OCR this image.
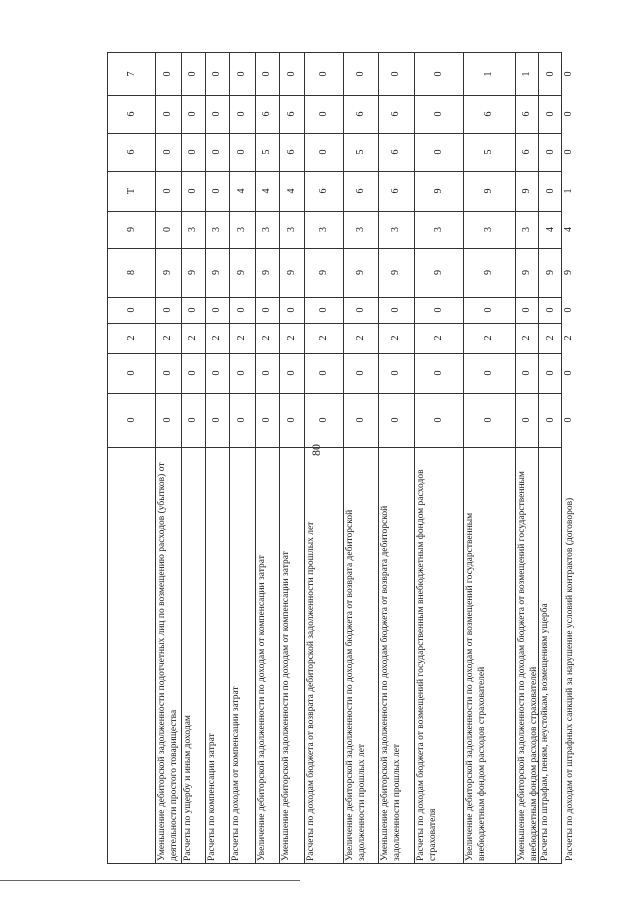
80
0
0
2
0
8
9
Т
6
6
7
Уменьшение дебиторской задолженности подотчетных лиц по возмещению расходов (убытков) от деятельности простого товарищества
0
0
2
0
9
0
0
0
0
0
Расчеты по ущербу и иным доходам
0
0
2
0
9
3
0
0
0
0
Расчеты по компенсации затрат
0
0
2
0
9
3
0
0
0
0
Расчеты по доходам от компенсации затрат
0
0
2
0
9
3
4
0
0
0
Увеличение дебиторской задолженности по доходам от компенсации затрат
0
0
2
0
9
3
4
5
6
0
Уменьшение дебиторской задолженности по доходам от компенсации затрат
0
0
2
0
9
3
4
6
6
0
Расчеты по доходам бюджета от возврата дебиторской задолженности прошлых лет
0
0
2
0
9
3
6
0
0
0
Увеличение дебиторской задолженности по доходам бюджета от возврата дебиторской задолженности прошлых лет
0
0
2
0
9
3
6
5
6
0
Уменьшение дебиторской задолженности по доходам бюджета от возврата дебиторской задолженности прошлых лет
0
0
2
0
9
3
6
6
6
0
Расчеты по доходам бюджета от возмещений государственным внебюджетным фондом расходов страхователя
0
0
2
0
9
3
9
0
0
0
Увеличение дебиторской задолженности по доходам от возмещений государственным внебюджетным фондом расходов страхователей
0
0
2
0
9
3
9
5
6
1
Уменьшение дебиторской задолженности по доходам бюджета от возмещений государственным внебюджетным фондом расходов страхователей
0
0
2
0
9
3
9
6
6
1
Расчеты по штрафам, пеням, неустойкам, возмещениям ущерба
0
0
2
0
9
4
0
0
0
0
Расчеты по доходам от штрафных санкций за нарушение условий контрактов (договоров)
0
0
2
0
9
4
1
0
0
0
